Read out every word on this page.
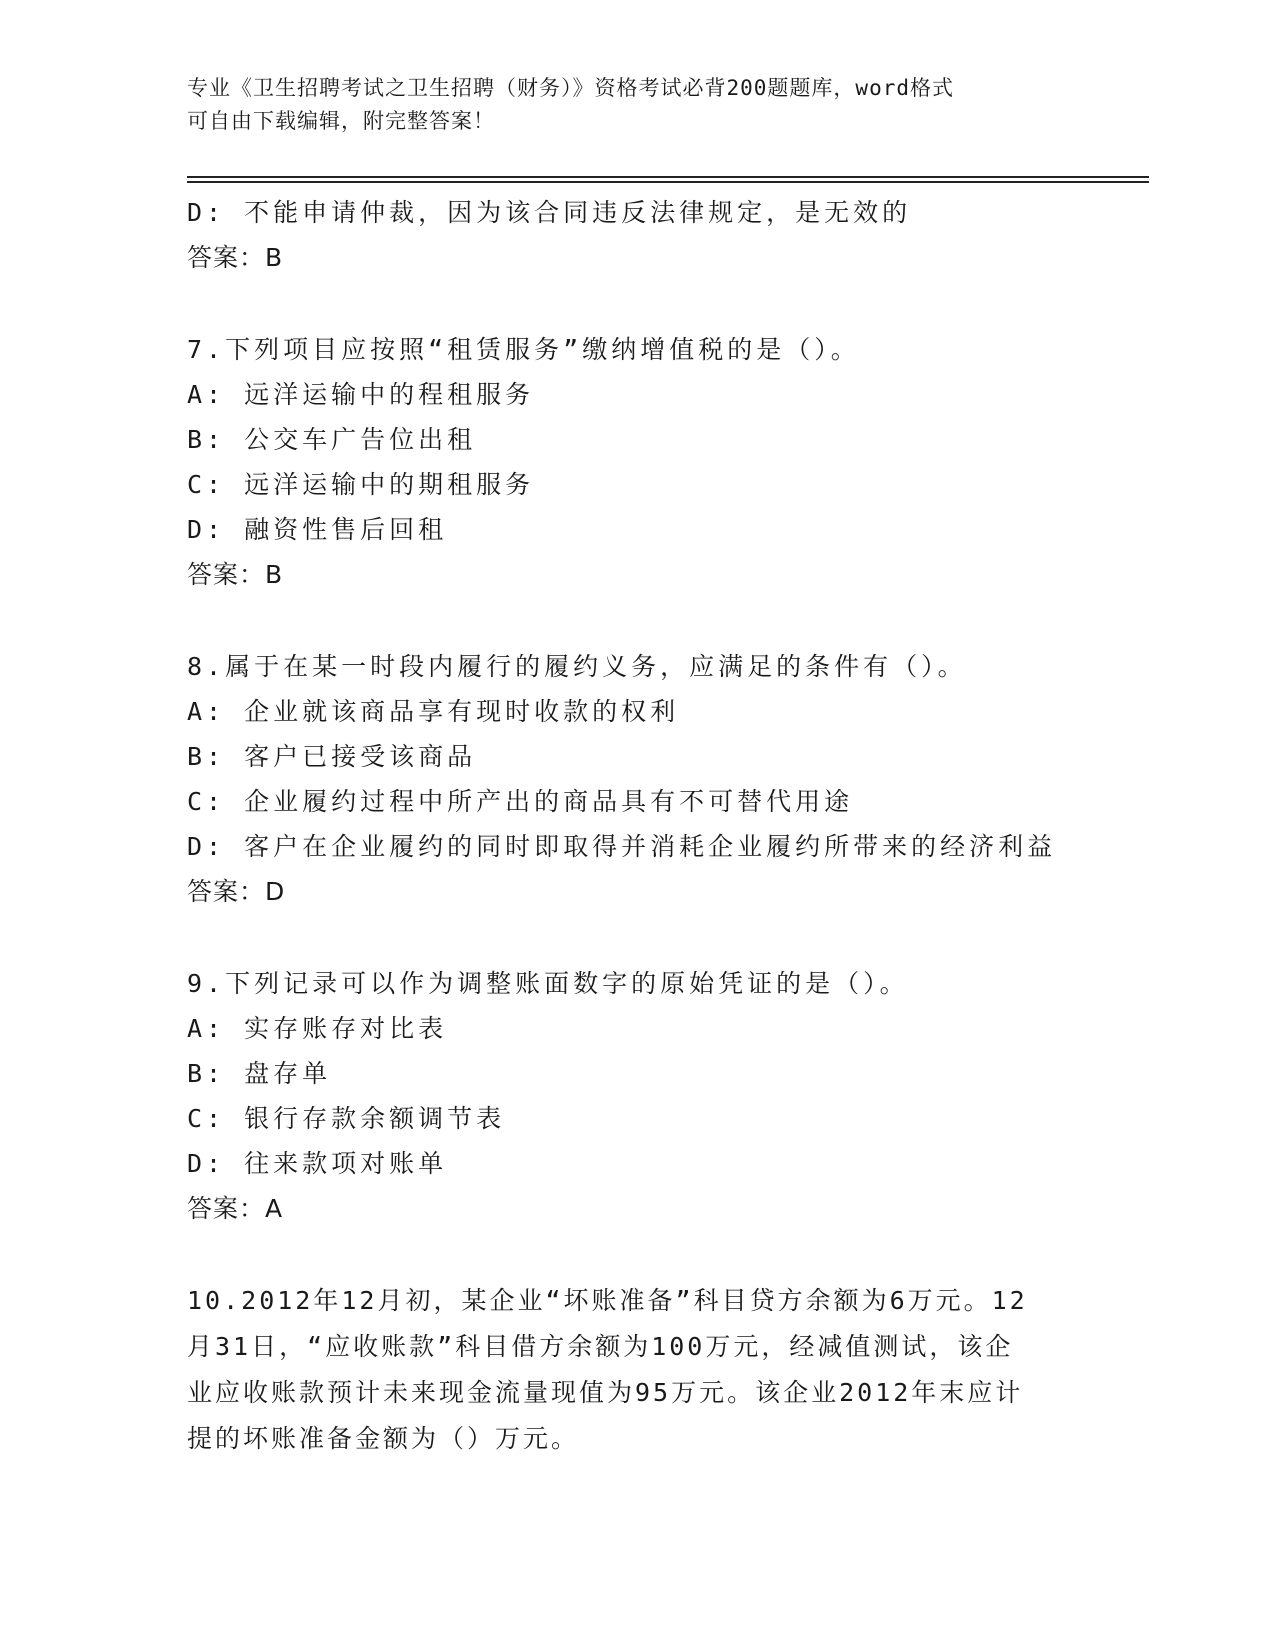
专业《卫生招聘考试之卫生招聘（财务）》资格考试必背200题题库，word格式
可自由下载编辑，附完整答案！
D: 不能申请仲裁，因为该合同违反法律规定，是无效的
答案：B
7.下列项目应按照“租赁服务”缴纳增值税的是（）。
A: 远洋运输中的程租服务
B: 公交车广告位出租
C: 远洋运输中的期租服务
D: 融资性售后回租
答案：B
8.属于在某一时段内履行的履约义务，应满足的条件有（）。
A: 企业就该商品享有现时收款的权利
B: 客户已接受该商品
C: 企业履约过程中所产出的商品具有不可替代用途
D: 客户在企业履约的同时即取得并消耗企业履约所带来的经济利益
答案：D
9.下列记录可以作为调整账面数字的原始凭证的是（）。
A: 实存账存对比表
B: 盘存单
C: 银行存款余额调节表
D: 往来款项对账单
答案：A
10.2012年12月初，某企业“坏账准备”科目贷方余额为6万元。12
月31日，“应收账款”科目借方余额为100万元，经减值测试，该企
业应收账款预计未来现金流量现值为95万元。该企业2012年末应计
提的坏账准备金额为（）万元。
